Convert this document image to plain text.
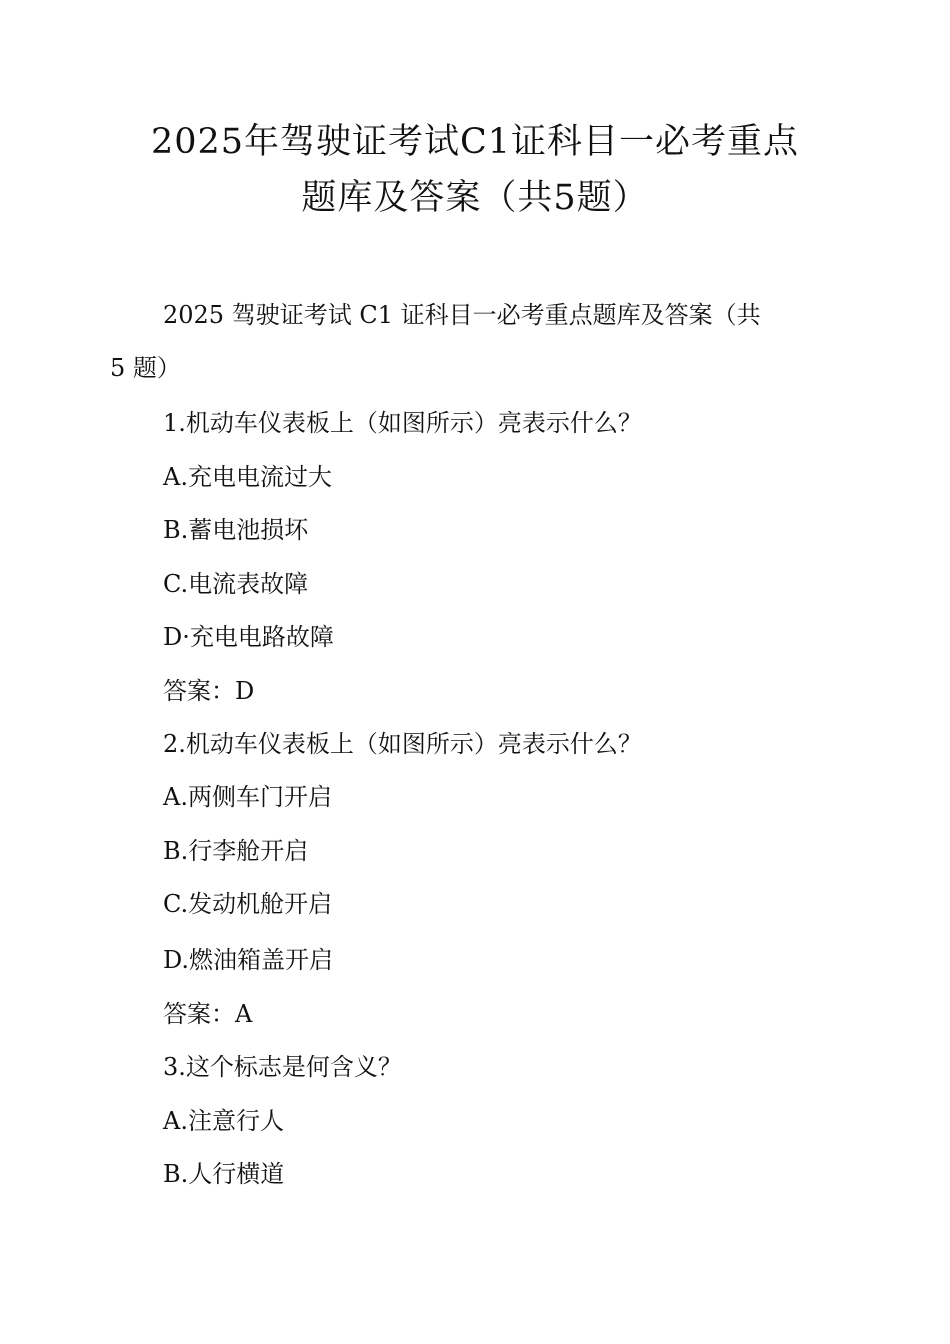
2025年驾驶证考试C1证科目一必考重点
题库及答案（共5题）
2025 驾驶证考试 C1 证科目一必考重点题库及答案（共
5 题）
1.机动车仪表板上（如图所示）亮表示什么？
A.充电电流过大
B.蓄电池损坏
C.电流表故障
D·充电电路故障
答案：D
2.机动车仪表板上（如图所示）亮表示什么？
A.两侧车门开启
B.行李舱开启
C.发动机舱开启
D.燃油箱盖开启
答案：A
3.这个标志是何含义？
A.注意行人
B.人行横道
